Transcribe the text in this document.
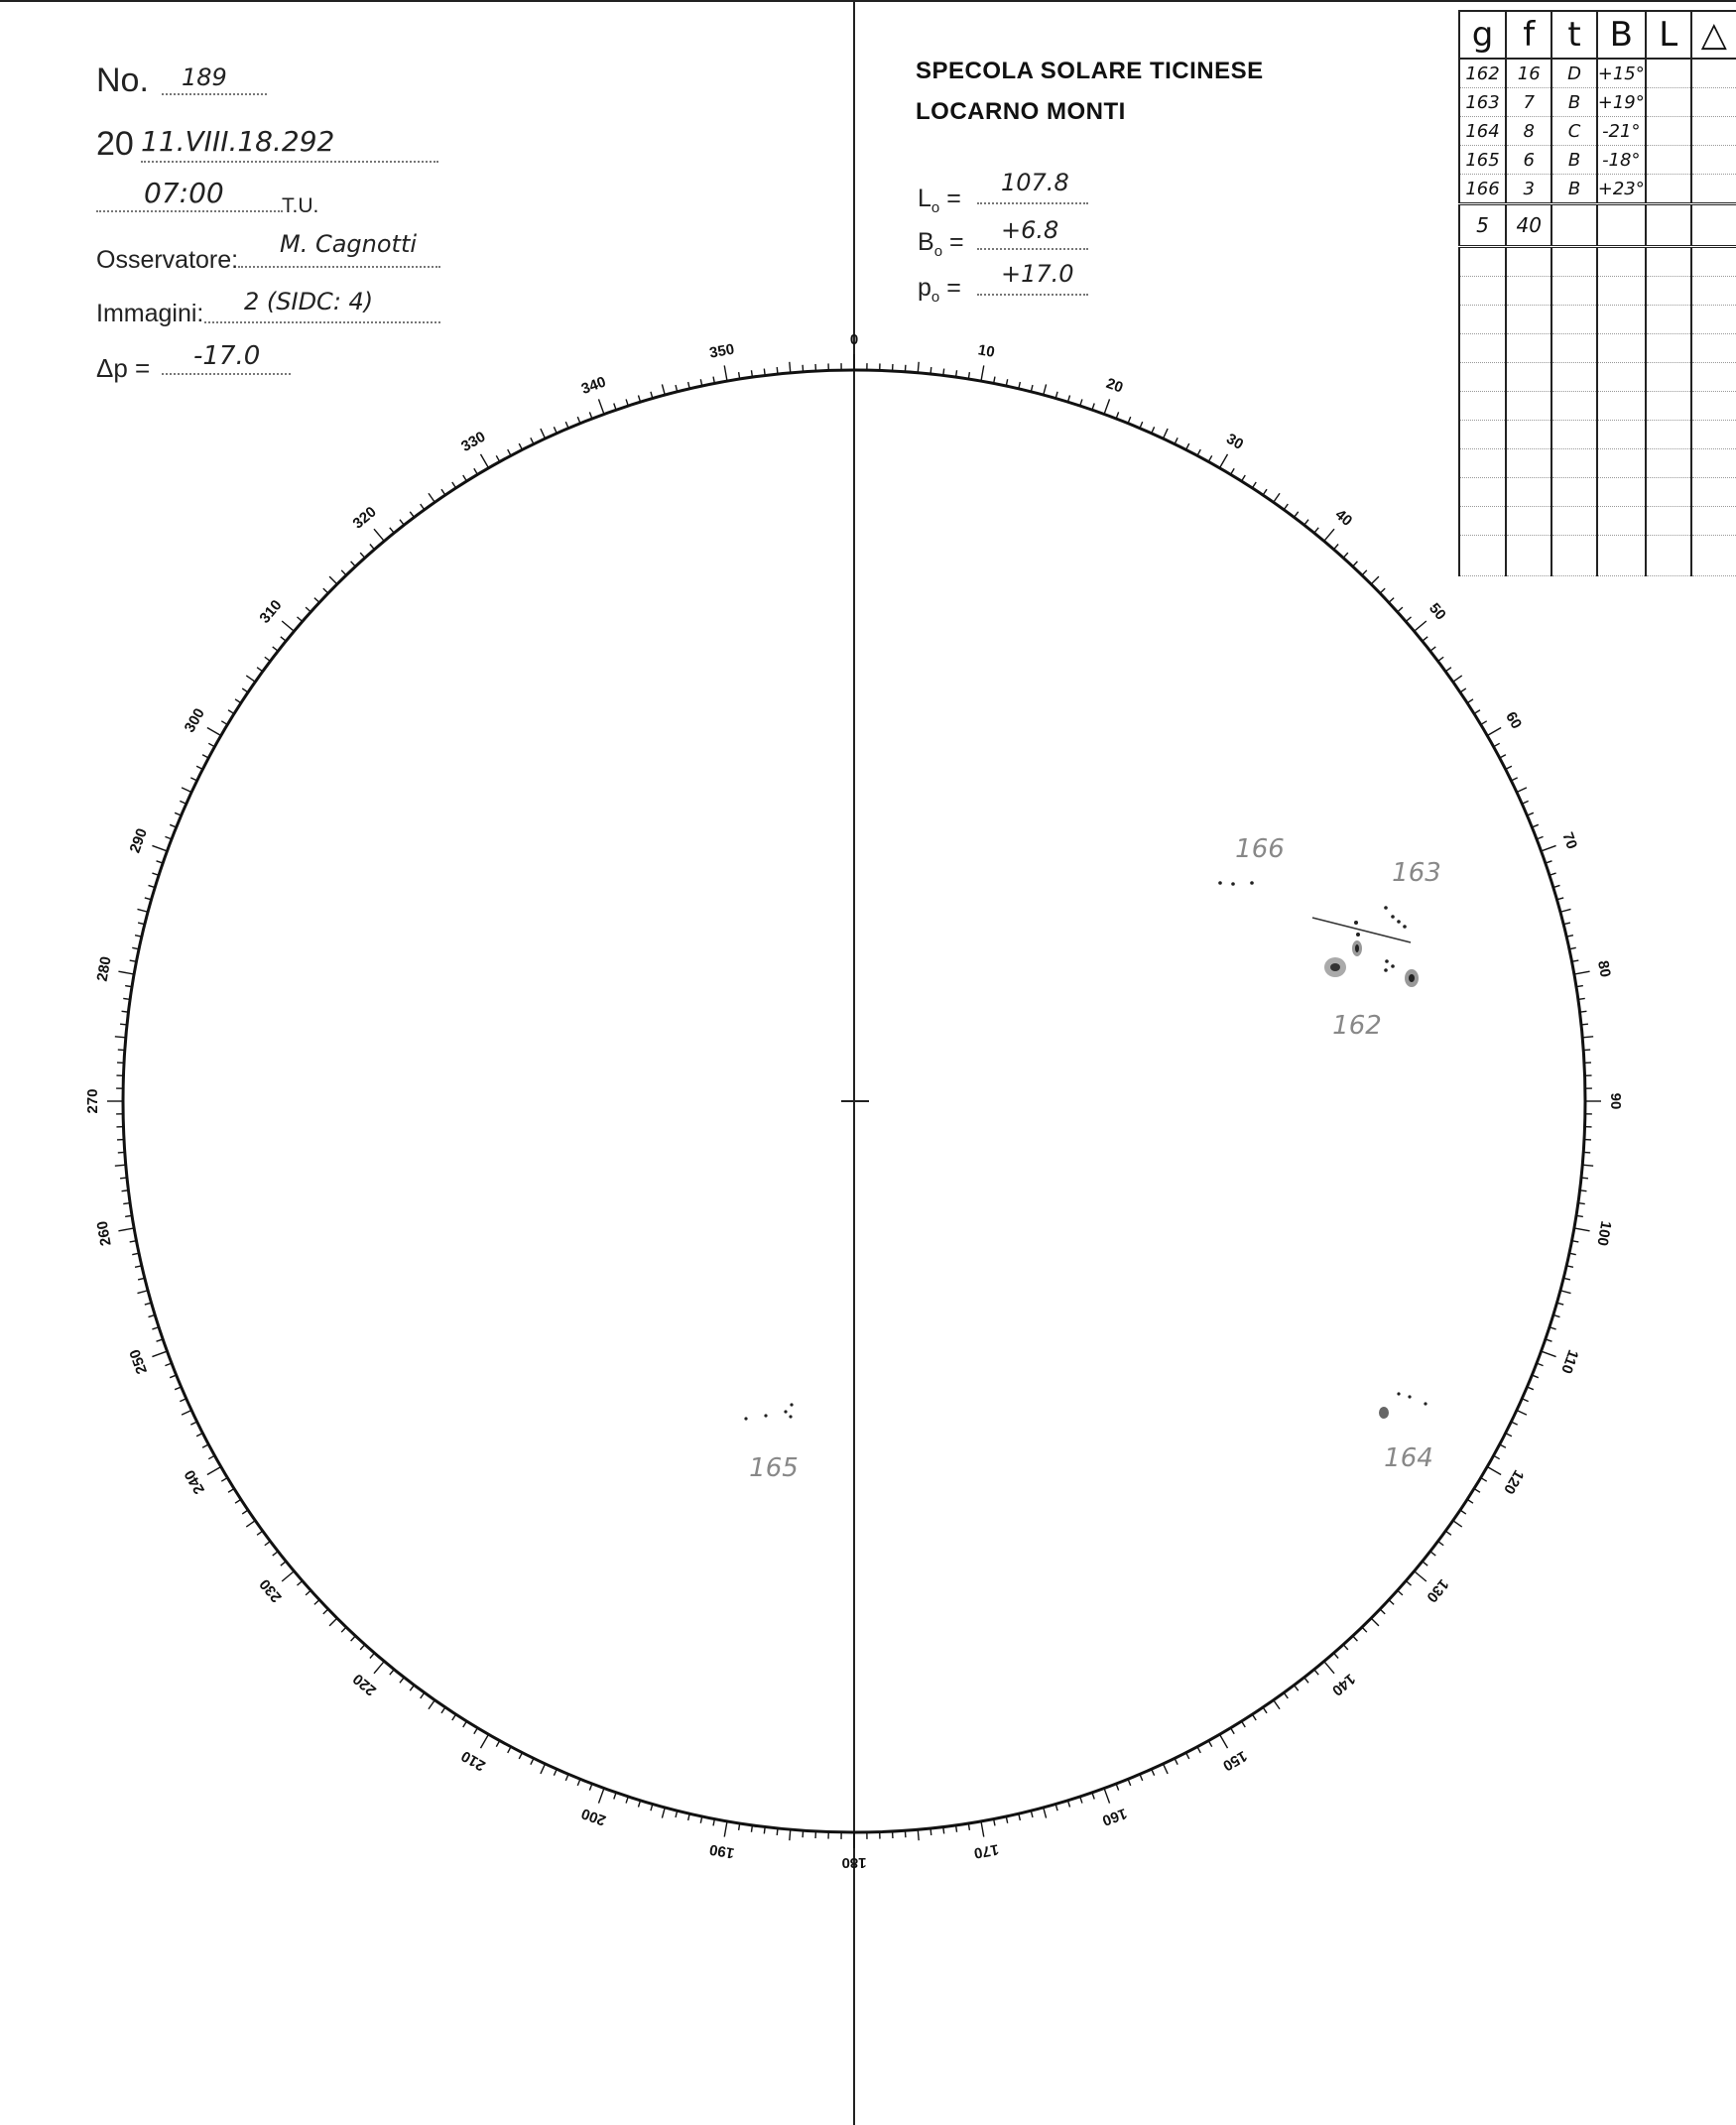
No.	189
20 11.VIII.18.292
07:00	T.U.
Osservatore:
M. Cagnotti
Immagini:	2 (SIDC: 4)
Δp =	-17.0
SPECOLA SOLARE TICINESE
LOCARNO MONTI
$L_o$ =
107.8
$B_o$ =	+6.8
$p_o$ =	+17.0
g	f	t	B	L	△
162	16	D	+15°		
163	7	B	+19°		
164	8	C	-21°		
165	6	B	-18°		
166	3	B	+23°		
5	40				

0
10
20
30
40
50
60
70
80
90
100
110
120
130
140
150
160
170
180
190
200
210
220
230
240
250
260
270
280
290
300
310
320
330
340
350
166
163
162
165	164
